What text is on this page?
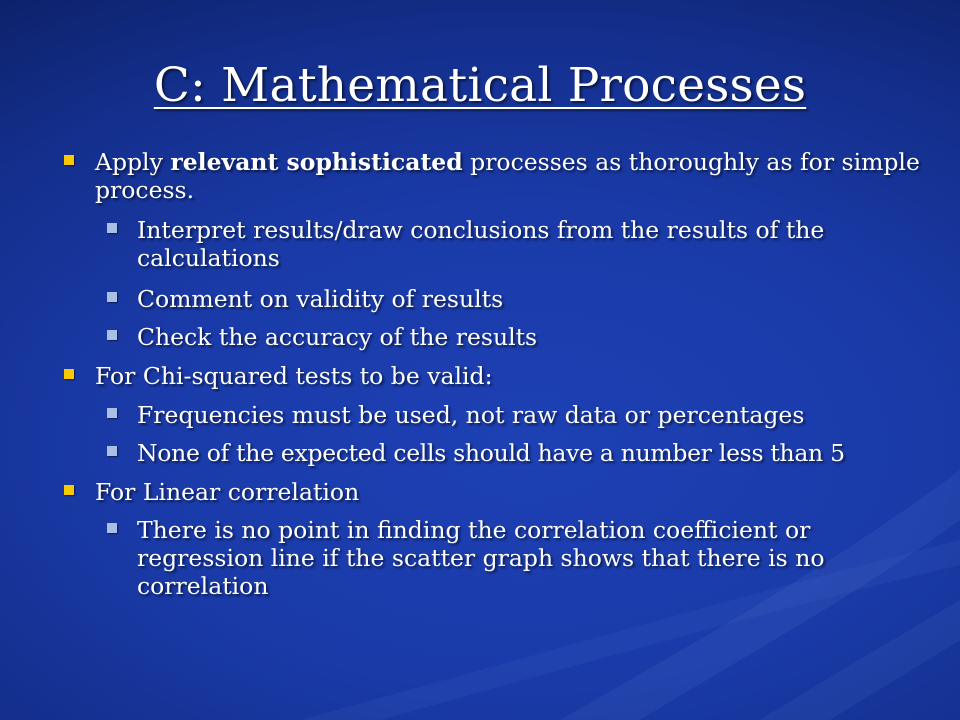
C: Mathematical Processes
Apply relevant sophisticated processes as thoroughly as for simple process.
Interpret results/draw conclusions from the results of the calculations
Comment on validity of results
Check the accuracy of the results
For Chi-squared tests to be valid:
Frequencies must be used, not raw data or percentages
None of the expected cells should have a number less than 5
For Linear correlation
There is no point in finding the correlation coefficient or regression line if the scatter graph shows that there is no correlation
